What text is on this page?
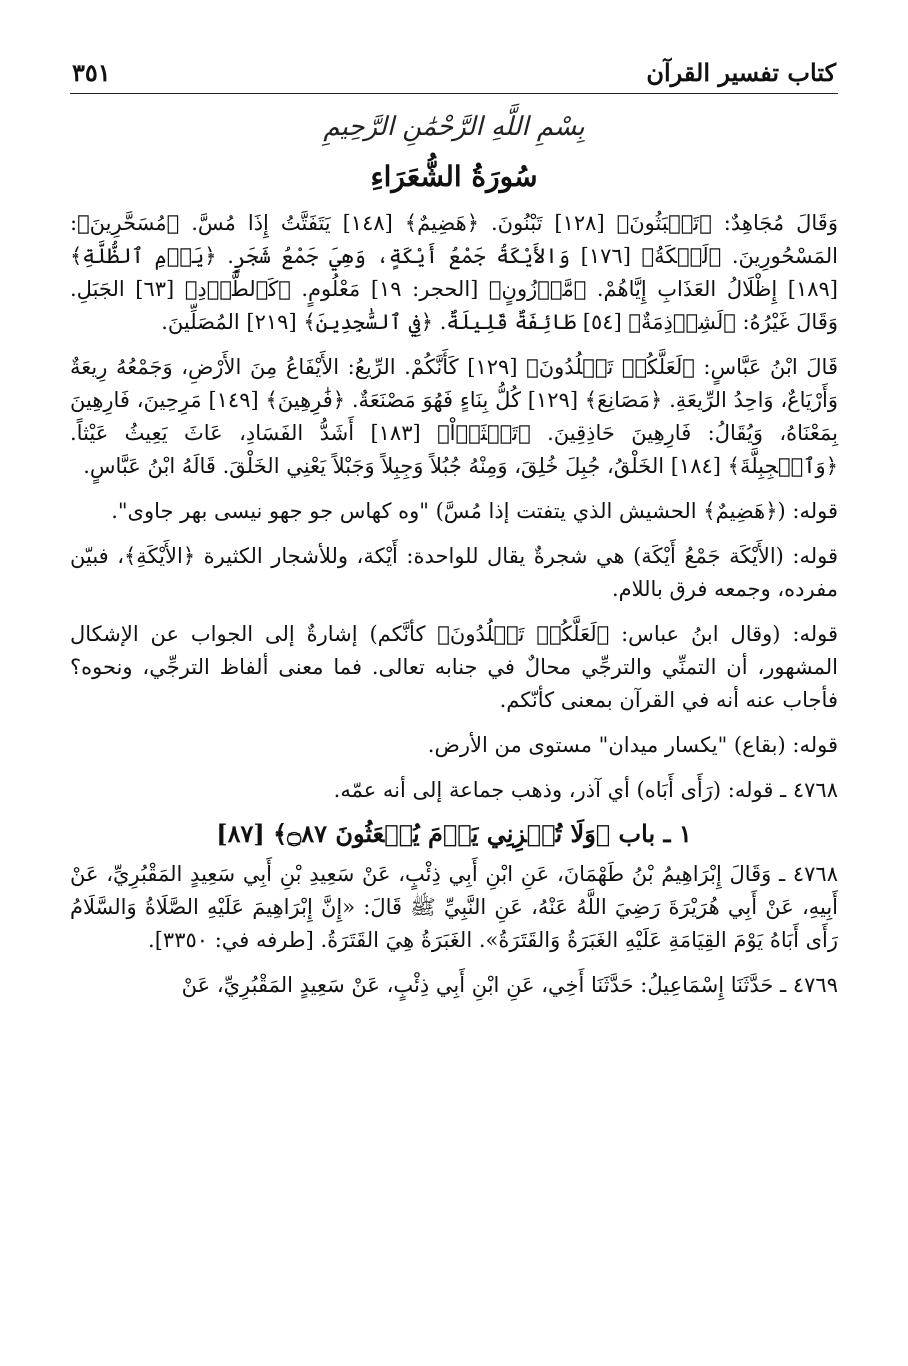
كتاب تفسير القرآن
٣٥١
بِسْمِ اللَّهِ الرَّحْمَٰنِ الرَّحِيمِ
سُورَةُ الشُّعَرَاءِ

وَقَالَ مُجَاهِدٌ: ﴿تَعۡبَثُونَ﴾ [١٢٨] تَبْنُونَ. ﴿هَضِيمٌ﴾ [١٤٨] يَتَفَتَّتُ إِذَا مُسَّ. ﴿مُسَحَّرِينَ﴾: المَسْحُورِينَ. ﴿لَيۡكَةُ﴾ [١٧٦] وَالأَيْكَةُ جَمْعُ أَيْكَةٍ، وَهِيَ جَمْعُ شَجَرٍ. ﴿يَوۡمِ ٱلظُّلَّةِ﴾ [١٨٩] إِظْلَالُ العَذَابِ إِيَّاهُمْ. ﴿مَّوۡزُونٍ﴾ [الحجر: ١٩] مَعْلُومٍ. ﴿كَٱلطَّوۡدِ﴾ [٦٣] الجَبَلِ. وَقَالَ غَيْرُهُ: ﴿لَشِرۡذِمَةٌ﴾ [٥٤] طَائِفَةٌ قَلِيلَةٌ. ﴿فِي ٱلسَّٰجِدِينَ﴾ [٢١٩] المُصَلِّينَ.

قَالَ ابْنُ عَبَّاسٍ: ﴿لَعَلَّكُمۡ تَخۡلُدُونَ﴾ [١٢٩] كَأَنَّكُمْ. الرِّيعُ: الأَيْفَاعُ مِنَ الأَرْضِ، وَجَمْعُهُ رِيعَةٌ وَأَرْيَاعٌ، وَاحِدُ الرِّيعَةِ. ﴿مَصَانِعَ﴾ [١٢٩] كُلُّ بِنَاءٍ فَهُوَ مَصْنَعَةٌ. ﴿فَٰرِهِينَ﴾ [١٤٩] مَرِحِينَ، فَارِهِينَ بِمَعْنَاهُ، وَيُقَالُ: فَارِهِينَ حَاذِقِينَ. ﴿تَعۡثَوۡاْ﴾ [١٨٣] أَشَدُّ الفَسَادِ، عَاثَ يَعِيثُ عَيْثاً. ﴿وَٱلۡجِبِلَّةَ﴾ [١٨٤] الخَلْقُ، جُبِلَ خُلِقَ، وَمِنْهُ جُبُلاً وَجِبِلاً وَجَبْلاً يَعْنِي الخَلْقَ. قَالَهُ ابْنُ عَبَّاسٍ.

قوله: (﴿هَضِيمٌ﴾ الحشيش الذي يتفتت إذا مُسَّ) "وه كهاس جو جهو نيسى بهر جاوى".

قوله: (الأَيْكَة جَمْعُ أَيْكَة) هي شجرةٌ يقال للواحدة: أَيْكة، وللأشجار الكثيرة ﴿الأَيْكَةِ﴾، فبيّن مفرده، وجمعه فرق باللام.

قوله: (وقال ابنُ عباس: ﴿لَعَلَّكُمۡ تَخۡلُدُونَ﴾ كأنَّكم) إشارةٌ إلى الجواب عن الإشكال المشهور، أن التمنِّي والترجِّي محالٌ في جنابه تعالى. فما معنى ألفاظ الترجِّي، ونحوه؟ فأجاب عنه أنه في القرآن بمعنى كأنّكم.

قوله: (بقاع) "يكسار ميدان" مستوى من الأرض.

٤٧٦٨ ـ قوله: (رَأَى أَبَاه) أي آذر، وذهب جماعة إلى أنه عمّه.

١ ـ باب ﴿وَلَا تُخۡزِنِي يَوۡمَ يُبۡعَثُونَ ۝٨٧﴾ [٨٧]

٤٧٦٨ ـ وَقَالَ إِبْرَاهِيمُ بْنُ طَهْمَانَ، عَنِ ابْنِ أَبِي ذِئْبٍ، عَنْ سَعِيدِ بْنِ أَبِي سَعِيدٍ المَقْبُرِيِّ، عَنْ أَبِيهِ، عَنْ أَبِي هُرَيْرَةَ رَضِيَ اللَّهُ عَنْهُ، عَنِ النَّبِيِّ ﷺ قَالَ: «إِنَّ إِبْرَاهِيمَ عَلَيْهِ الصَّلَاةُ وَالسَّلَامُ رَأَى أَبَاهُ يَوْمَ القِيَامَةِ عَلَيْهِ الغَبَرَةُ وَالقَتَرَةُ». الغَبَرَةُ هِيَ القَتَرَةُ. [طرفه في: ٣٣٥٠].

٤٧٦٩ ـ حَدَّثَنَا إِسْمَاعِيلُ: حَدَّثَنَا أَخِي، عَنِ ابْنِ أَبِي ذِئْبٍ، عَنْ سَعِيدٍ المَقْبُرِيِّ، عَنْ
